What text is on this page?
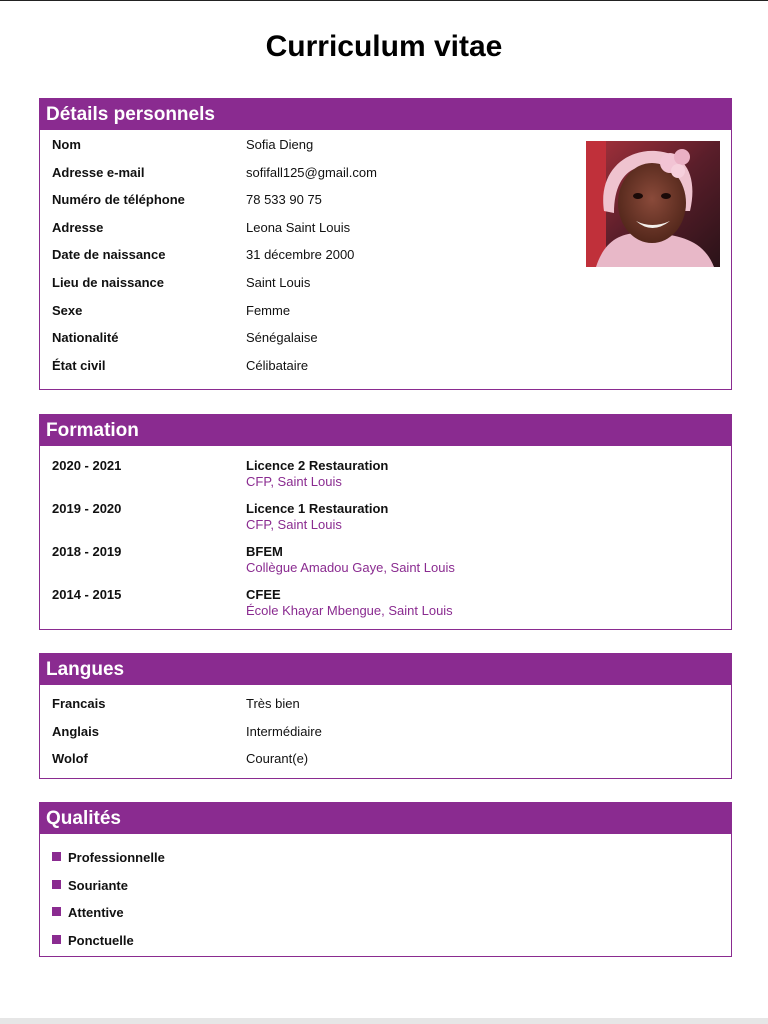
Curriculum vitae
Détails personnels
Nom	Sofia Dieng
Adresse e-mail	sofifall125@gmail.com
Numéro de téléphone	78 533 90 75
Adresse	Leona Saint Louis
Date de naissance	31 décembre 2000
Lieu de naissance	Saint Louis
Sexe	Femme
Nationalité	Sénégalaise
État civil	Célibataire
Formation
2020 - 2021	Licence 2 Restauration
CFP, Saint Louis
2019 - 2020	Licence 1 Restauration
CFP, Saint Louis
2018 - 2019	BFEM
Collègue Amadou Gaye, Saint Louis
2014 - 2015	CFEE
École Khayar Mbengue, Saint Louis
Langues
Francais	Très bien
Anglais	Intermédiaire
Wolof	Courant(e)
Qualités
Professionnelle
Souriante
Attentive
Ponctuelle
